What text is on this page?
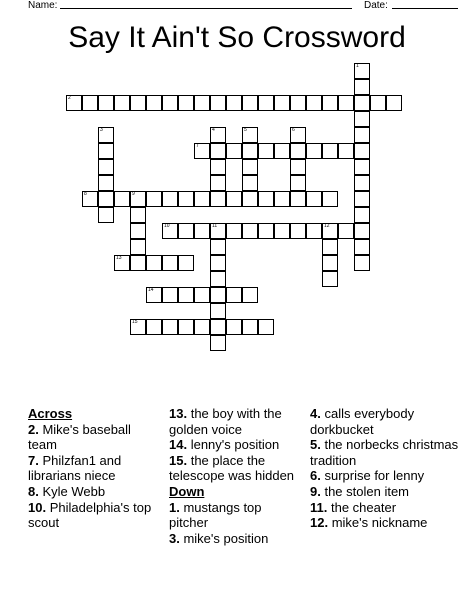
Name:	Date:
Say It Ain't So Crossword
1
2
3	4	5	6
7
8	9
10	11	12
13
14
15
Across
2. Mike's baseball team
7. Philzfan1 and librarians niece
8. Kyle Webb
10. Philadelphia's top scout
13. the boy with the golden voice
14. lenny's position
15. the place the telescope was hidden
Down
1. mustangs top pitcher
3. mike's position
4. calls everybody dorkbucket
5. the norbecks christmas tradition
6. surprise for lenny
9. the stolen item
11. the cheater
12. mike's nickname
